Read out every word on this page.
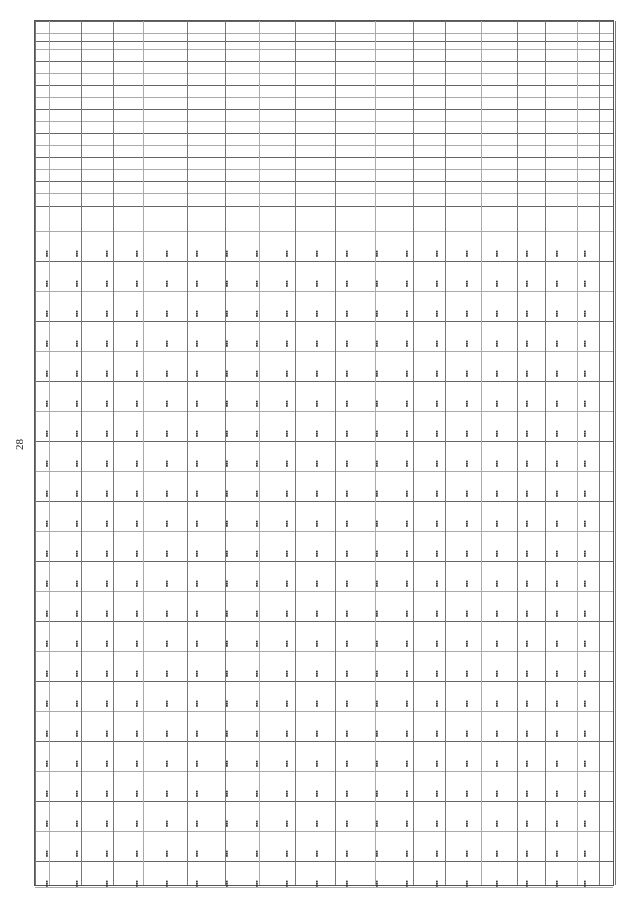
28
■■■
■■■
■■■
■■■
■■■
■■■
■■■
■■■
■■■
■■■
■■■
■■■
■■■
■■■
■■■
■■■
■■■
■■■
■■■
■■■
■■■
■■■
■■■
■■■
■■■
■■■
■■■
■■■
■■■
■■■
■■■
■■■
■■■
■■■
■■■
■■■
■■■
■■■
■■■
■■■
■■■
■■■
■■■
■■■
■■■
■■■
■■■
■■■
■■■
■■■
■■■
■■■
■■■
■■■
■■■
■■■
■■■
■■■
■■■
■■■
■■■
■■■
■■■
■■■
■■■
■■■
■■■
■■■
■■■
■■■
■■■
■■■
■■■
■■■
■■■
■■■
■■■
■■■
■■■
■■■
■■■
■■■
■■■
■■■
■■■
■■■
■■■
■■■
■■■
■■■
■■■
■■■
■■■
■■■
■■■
■■■
■■■
■■■
■■■
■■■
■■■
■■■
■■■
■■■
■■■
■■■
■■■
■■■
■■■
■■■
■■■
■■■
■■■
■■■
■■■
■■■
■■■
■■■
■■■
■■■
■■■
■■■
■■■
■■■
■■■
■■■
■■■
■■■
■■■
■■■
■■■
■■■
■■■
■■■
■■■
■■■
■■■
■■■
■■■
■■■
■■■
■■■
■■■
■■■
■■■
■■■
■■■
■■■
■■■
■■■
■■■
■■■
■■■
■■■
■■■
■■■
■■■
■■■
■■■
■■■
■■■
■■■
■■■
■■■
■■■
■■■
■■■
■■■
■■■
■■■
■■■
■■■
■■■
■■■
■■■
■■■
■■■
■■■
■■■
■■■
■■■
■■■
■■■
■■■
■■■
■■■
■■■
■■■
■■■
■■■
■■■
■■■
■■■
■■■
■■■
■■■
■■■
■■■
■■■
■■■
■■■
■■■
■■■
■■■
■■■
■■■
■■■
■■■
■■■
■■■
■■■
■■■
■■■
■■■
■■■
■■■
■■■
■■■
■■■
■■■
■■■
■■■
■■■
■■■
■■■
■■■
■■■
■■■
■■■
■■■
■■■
■■■
■■■
■■■
■■■
■■■
■■■
■■■
■■■
■■■
■■■
■■■
■■■
■■■
■■■
■■■
■■■
■■■
■■■
■■■
■■■
■■■
■■■
■■■
■■■
■■■
■■■
■■■
■■■
■■■
■■■
■■■
■■■
■■■
■■■
■■■
■■■
■■■
■■■
■■■
■■■
■■■
■■■
■■■
■■■
■■■
■■■
■■■
■■■
■■■
■■■
■■■
■■■
■■■
■■■
■■■
■■■
■■■
■■■
■■■
■■■
■■■
■■■
■■■
■■■
■■■
■■■
■■■
■■■
■■■
■■■
■■■
■■■
■■■
■■■
■■■
■■■
■■■
■■■
■■■
■■■
■■■
■■■
■■■
■■■
■■■
■■■
■■■
■■■
■■■
■■■
■■■
■■■
■■■
■■■
■■■
■■■
■■■
■■■
■■■
■■■
■■■
■■■
■■■
■■■
■■■
■■■
■■■
■■■
■■■
■■■
■■■
■■■
■■■
■■■
■■■
■■■
■■■
■■■
■■■
■■■
■■■
■■■
■■■
■■■
■■■
■■■
■■■
■■■
■■■
■■■
■■■
■■■
■■■
■■■
■■■
■■■
■■■
■■■
■■■
■■■
■■■
■■■
■■■
■■■
■■■
■■■
■■■
■■■
■■■
■■■
■■■
■■■
■■■
■■■
■■■
■■■
■■■
■■■
■■■
■■■
■■■
■■■
■■■
■■■
■■■
■■■
■■■
■■■
■■■
■■■
■■■
■■■
■■■
■■■
■■■
■■■
■■■
■■■
■■■
■■■
■■■
■■■
■■■
■■■
■■■
■■■
■■■
